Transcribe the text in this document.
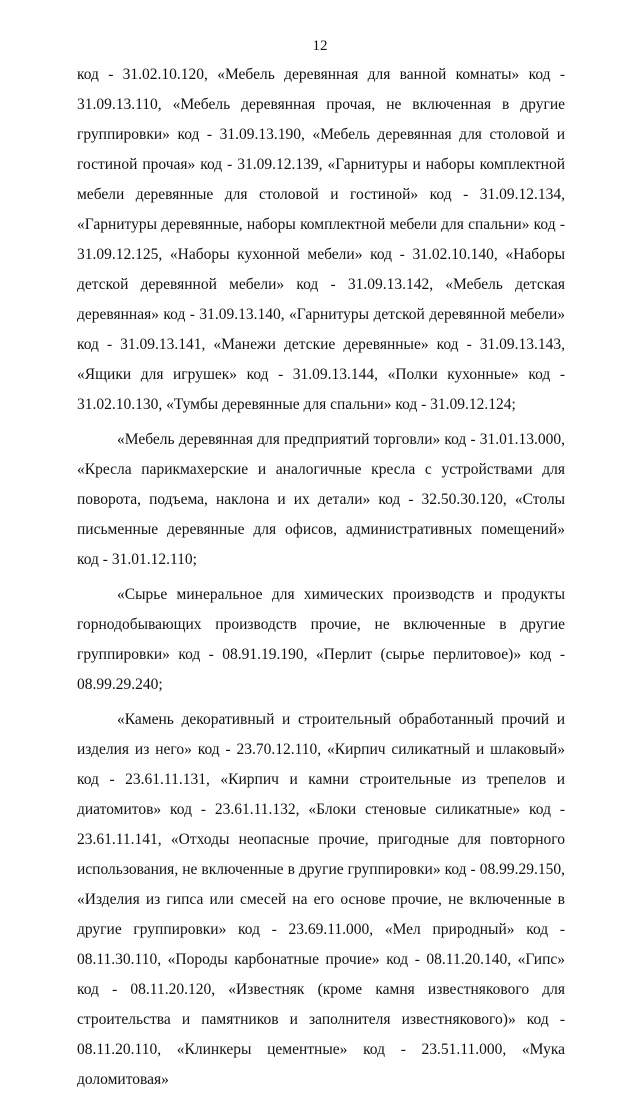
12

код - 31.02.10.120, «Мебель деревянная для ванной комнаты» код - 31.09.13.110, «Мебель деревянная прочая, не включенная в другие группировки» код - 31.09.13.190, «Мебель деревянная для столовой и гостиной прочая» код - 31.09.12.139, «Гарнитуры и наборы комплектной мебели деревянные для столовой и гостиной» код - 31.09.12.134, «Гарнитуры деревянные, наборы комплектной мебели для спальни» код - 31.09.12.125, «Наборы кухонной мебели» код - 31.02.10.140, «Наборы детской деревянной мебели» код - 31.09.13.142, «Мебель детская деревянная» код - 31.09.13.140, «Гарнитуры детской деревянной мебели» код - 31.09.13.141, «Манежи детские деревянные» код - 31.09.13.143, «Ящики для игрушек» код - 31.09.13.144, «Полки кухонные» код - 31.02.10.130, «Тумбы деревянные для спальни» код - 31.09.12.124;

«Мебель деревянная для предприятий торговли» код - 31.01.13.000, «Кресла парикмахерские и аналогичные кресла с устройствами для поворота, подъема, наклона и их детали» код - 32.50.30.120, «Столы письменные деревянные для офисов, административных помещений» код - 31.01.12.110;

«Сырье минеральное для химических производств и продукты горнодобывающих производств прочие, не включенные в другие группировки» код - 08.91.19.190, «Перлит (сырье перлитовое)» код - 08.99.29.240;

«Камень декоративный и строительный обработанный прочий и изделия из него» код - 23.70.12.110, «Кирпич силикатный и шлаковый» код - 23.61.11.131, «Кирпич и камни строительные из трепелов и диатомитов» код - 23.61.11.132, «Блоки стеновые силикатные» код - 23.61.11.141, «Отходы неопасные прочие, пригодные для повторного использования, не включенные в другие группировки» код - 08.99.29.150, «Изделия из гипса или смесей на его основе прочие, не включенные в другие группировки» код - 23.69.11.000, «Мел природный» код - 08.11.30.110, «Породы карбонатные прочие» код - 08.11.20.140, «Гипс» код - 08.11.20.120, «Известняк (кроме камня известнякового для строительства и памятников и заполнителя известнякового)» код - 08.11.20.110, «Клинкеры цементные» код - 23.51.11.000, «Мука доломитовая»
